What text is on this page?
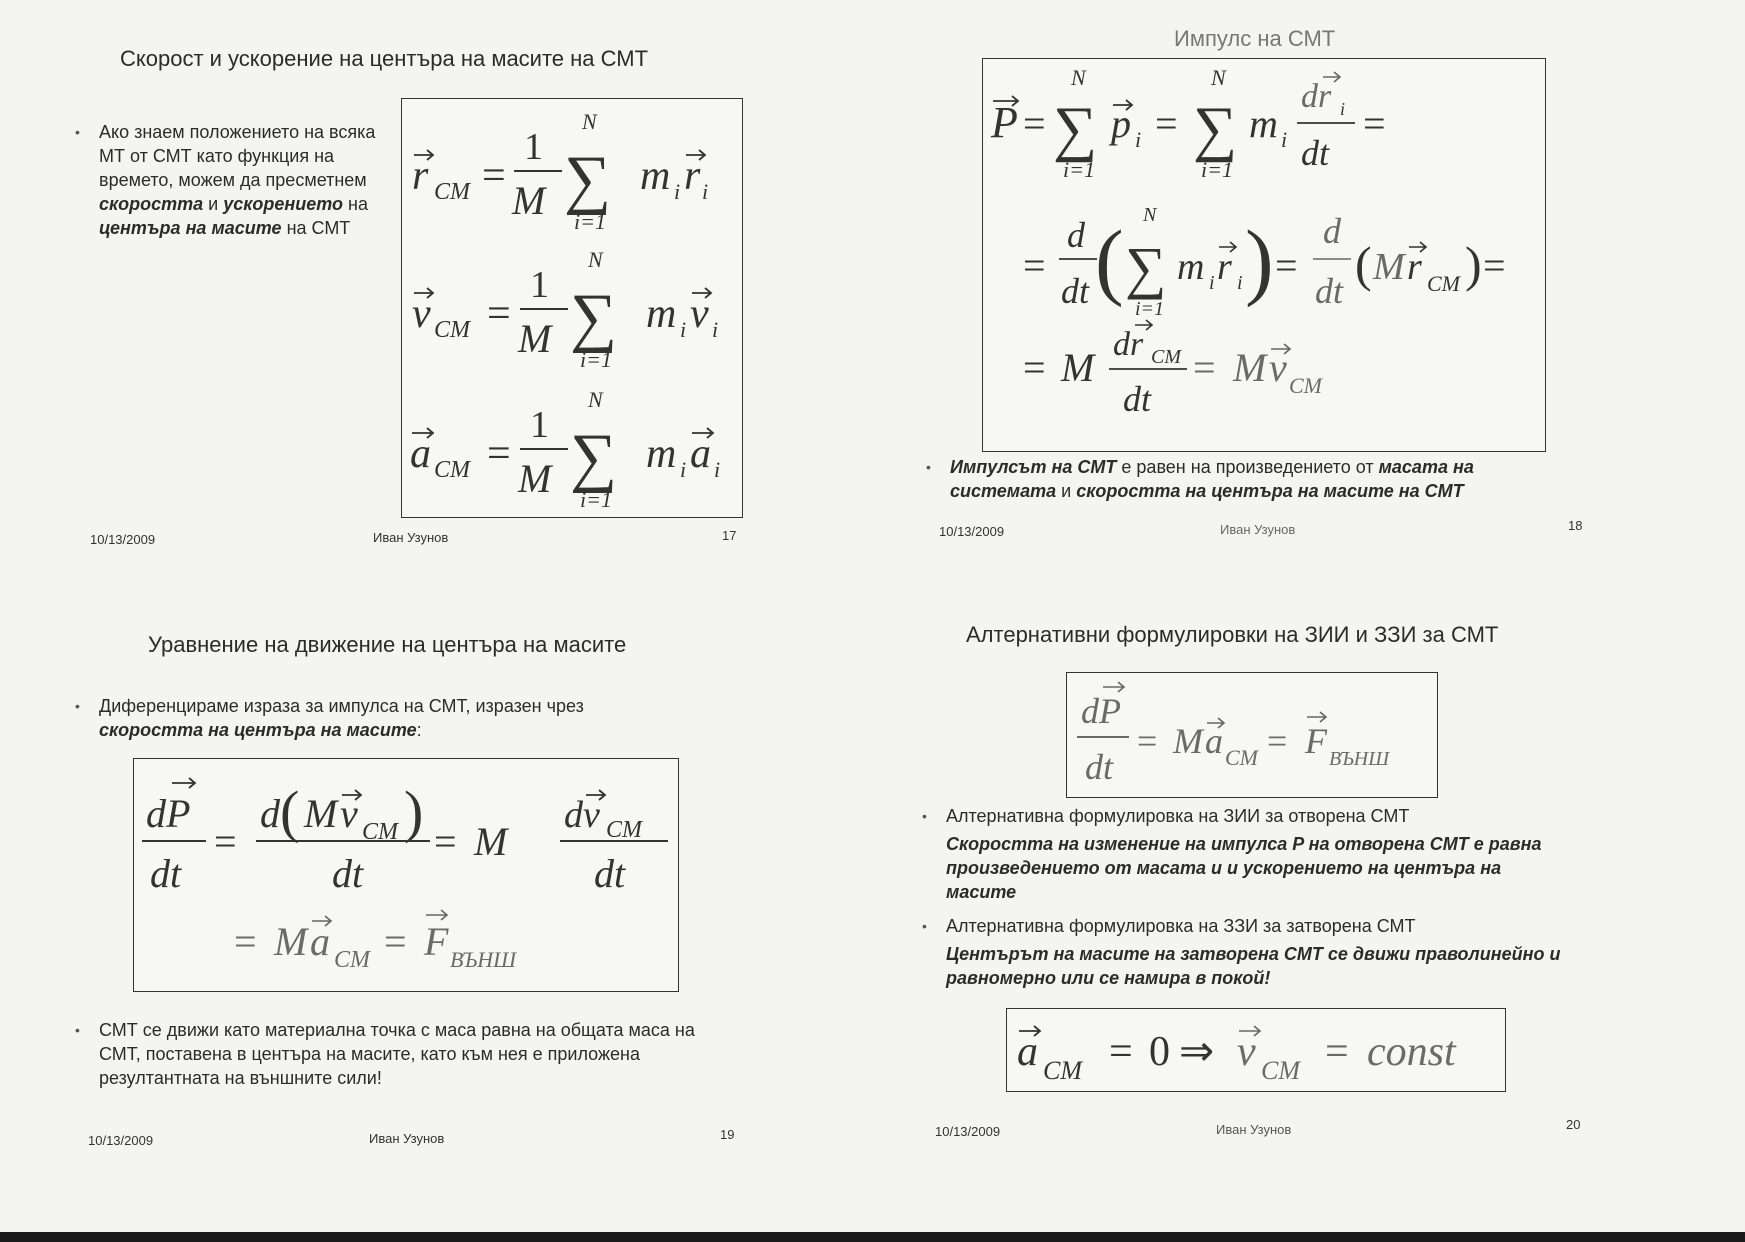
Скорост и ускорение на центъра на масите на СМТ
• Ако знаем положението на всяка МТ от СМТ като функция на времето, можем да пресметнем скоростта и ускорението на центъра на масите на СМТ
r CM =
1
M
N
∑
i=1
m i r i
v CM =
1
M
N
∑
i=1
m i v i
a CM =
1
M
N
∑
i=1
m i a i
10/13/2009	Иван Узунов	17
Импулс на СМТ
P =
N
∑
i=1
p i =
N
∑
i=1
m i
dr i
dt
=
=
d
dt ( N
∑
i=1
m i r i ) =
d
dt ( M r CM ) =
= M
dr CM
dt
= M v CM
• Импулсът на СМТ е равен на произведението от масата на системата и скоростта на центъра на масите на СМТ
10/13/2009	Иван Узунов	18
Уравнение на движение на центъра на масите
• Диференцираме израза за импулса на СМТ, изразен чрез скоростта на центъра на масите:
dP
dt
=
d ( M v CM )
dt
= M
dv CM
dt
= M a CM = F ВЪНШ
• СМТ се движи като материална точка с маса равна на общата маса на СМТ, поставена в центъра на масите, като към нея е приложена резултантната на външните сили!
10/13/2009	Иван Узунов	19
Алтернативни формулировки на ЗИИ и ЗЗИ за СМТ
dP
dt
= M a CM = F ВЪНШ
• Алтернативна формулировка на ЗИИ за отворена СМТ
Скоростта на изменение на импулса P на отворена СМТ е равна произведението от масата и и ускорението на центъра на масите
• Алтернативна формулировка на ЗЗИ за затворена СМТ
Центърът на масите на затворена СМТ се движи праволинейно и равномерно или се намира в покой!
a CM = 0 ⇒ v CM = const
10/13/2009	Иван Узунов	20
